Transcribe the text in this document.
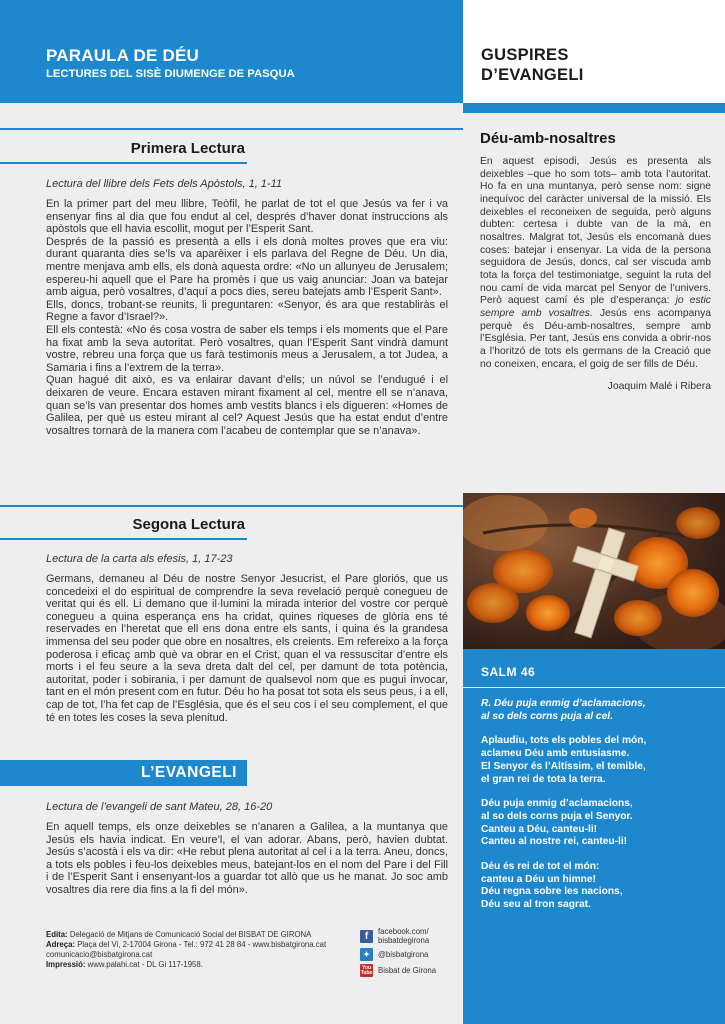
PARAULA DE DÉU
LECTURES DEL SISÈ DIUMENGE DE PASQUA
GUSPIRES
D’EVANGELI
Primera Lectura
Lectura del llibre dels Fets dels Apòstols, 1, 1-11
En la primer part del meu llibre, Teòfil, he parlat de tot el que Jesús va fer i va ensenyar fins al dia que fou endut al cel, després d’haver donat instruccions als apòstols que ell havia escollit, mogut per l’Esperit Sant.
Després de la passió es presentà a ells i els donà moltes proves que era viu: durant quaranta dies se’ls va aparèixer i els parlava del Regne de Déu. Un dia, mentre menjava amb ells, els donà aquesta ordre: «No un allunyeu de Jerusalem; espereu-hi aquell que el Pare ha promès i que us vaig anunciar: Joan va batejar amb aigua, però vosaltres, d’aquí a pocs dies, sereu batejats amb l’Esperit Sant».
Ells, doncs, trobant-se reunits, li preguntaren: «Senyor, és ara que restabliràs el Regne a favor d’Israel?».
Ell els contestà: «No és cosa vostra de saber els temps i els moments que el Pare ha fixat amb la seva autoritat. Però vosaltres, quan l’Esperit Sant vindrà damunt vostre, rebreu una força que us farà testimonis meus a Jerusalem, a tot Judea, a Samaria i fins a l’extrem de la terra».
Quan hagué dit això, es va enlairar davant d’ells; un núvol se l’endugué i el deixaren de veure. Encara estaven mirant fixament al cel, mentre ell se n’anava, quan se’ls van presentar dos homes amb vestits blancs i els digueren: «Homes de Galilea, per què us esteu mirant al cel? Aquest Jesús que ha estat endut d’entre vosaltres tornarà de la manera com l’acabeu de contemplar que se n’anava».
Segona Lectura
Lectura de la carta als efesis, 1, 17-23
Germans, demaneu al Déu de nostre Senyor Jesucrist, el Pare gloriós, que us concedeixi el do espiritual de comprendre la seva revelació perquè conegueu de veritat qui és ell. Li demano que il·lumini la mirada interior del vostre cor perquè conegueu a quina esperança ens ha cridat, quines riqueses de glòria ens té reservades en l’heretat que ell ens dona entre els sants, i quina és la grandesa immensa del seu poder que obre en nosaltres, els creients. Em refereixo a la força poderosa i eficaç amb què va obrar en el Crist, quan el va ressuscitar d’entre els morts i el feu seure a la seva dreta dalt del cel, per damunt de tota potència, autoritat, poder i sobirania, i per damunt de qualsevol nom que es pugui invocar, tant en el món present com en futur. Déu ho ha posat tot sota els seus peus, i a ell, cap de tot, l’ha fet cap de l’Església, que és el seu cos i el seu complement, el que té en totes les coses la seva plenitud.
L’EVANGELI
Lectura de l’evangeli de sant Mateu, 28, 16-20
En aquell temps, els onze deixebles se n’anaren a Galilea, a la muntanya que Jesús els havia indicat. En veure’l, el van adorar. Abans, però, havien dubtat. Jesús s’acostà i els va dir: «He rebut plena autoritat al cel i a la terra. Aneu, doncs, a tots els pobles i feu-los deixebles meus, batejant-los en el nom del Pare i del Fill i de l’Esperit Sant i ensenyant-los a guardar tot allò que us he manat. Jo soc amb vosaltres dia rere dia fins a la fi del món».
Edita: Delegació de Mitjans de Comunicació Social del BISBAT DE GIRONA
Adreça: Plaça del Vi, 2-17004 Girona - Tel.: 972 41 28 84 - www.bisbatgirona.cat
comunicacio@bisbatgirona.cat
Impressió: www.palahi.cat - DL Gi 117-1958.
f	facebook.com/
bisbatdegirona
✦	@bisbatgirona
You
Tube Bisbat de Girona
Déu-amb-nosaltres
En aquest episodi, Jesús es presenta als deixebles –que ho som tots– amb tota l’autoritat. Ho fa en una muntanya, però sense nom: signe inequívoc del caràcter universal de la missió. Els deixebles el reconeixen de seguida, però alguns dubten: certesa i dubte van de la mà, en nosaltres. Malgrat tot, Jesús els encomanà dues coses: batejar i ensenyar. La vida de la persona seguidora de Jesús, doncs, cal ser viscuda amb tota la força del testimoniatge, seguint la ruta del nou camí de vida marcat pel Senyor de l’univers. Però aquest camí és ple d’esperança: jo estic sempre amb vosaltres. Jesús ens acompanya perquè és Déu-amb-nosaltres, sempre amb l’Església. Per tant, Jesús ens convida a obrir-nos a l’horitzó de tots els germans de la Creació que no coneixen, encara, el goig de ser fills de Déu.
Joaquim Malé i Ribera
SALM 46
R. Déu puja enmig d’aclamacions,
al so dels corns puja al cel.
Aplaudiu, tots els pobles del món,
aclameu Déu amb entusiasme.
El Senyor és l’Altíssim, el temible,
el gran rei de tota la terra.
Déu puja enmig d’aclamacions,
al so dels corns puja el Senyor.
Canteu a Déu, canteu-li!
Canteu al nostre rei, canteu-li!
Déu és rei de tot el món:
canteu a Déu un himne!
Déu regna sobre les nacions,
Déu seu al tron sagrat.
